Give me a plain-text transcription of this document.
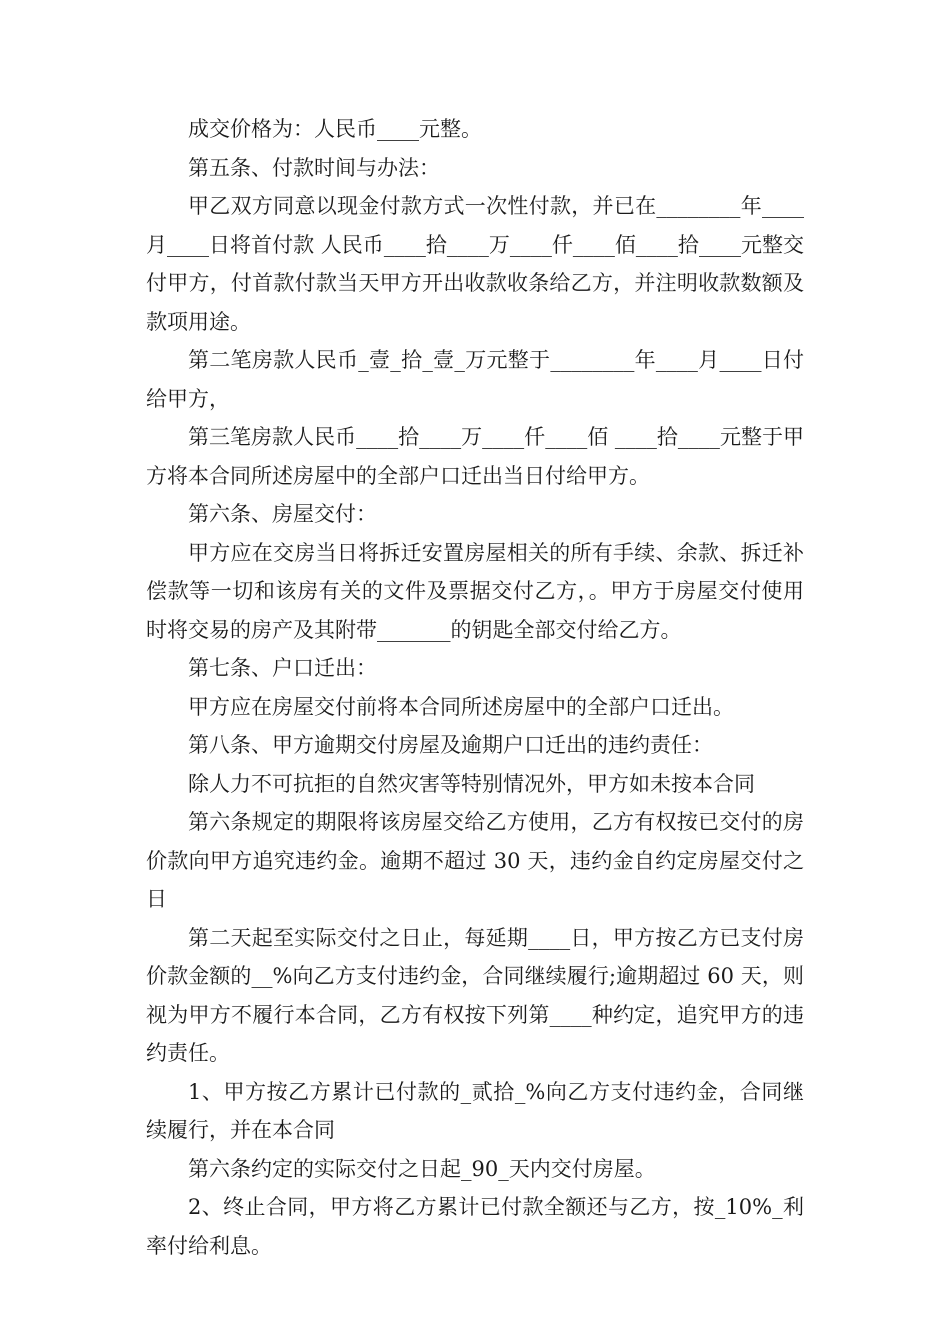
成交价格为：人民币____元整。

第五条、付款时间与办法：

甲乙双方同意以现金付款方式一次性付款，并已在________年____月____日将首付款 人民币____拾____万____仟____佰____拾____元整交付甲方，付首款付款当天甲方开出收款收条给乙方，并注明收款数额及款项用途。

第二笔房款人民币_壹_拾_壹_万元整于________年____月____日付给甲方，

第三笔房款人民币____拾____万____仟____佰 ____拾____元整于甲方将本合同所述房屋中的全部户口迁出当日付给甲方。

第六条、房屋交付：

甲方应在交房当日将拆迁安置房屋相关的所有手续、余款、拆迁补偿款等一切和该房有关的文件及票据交付乙方，。甲方于房屋交付使用时将交易的房产及其附带_______的钥匙全部交付给乙方。

第七条、户口迁出：

甲方应在房屋交付前将本合同所述房屋中的全部户口迁出。

第八条、甲方逾期交付房屋及逾期户口迁出的违约责任：

除人力不可抗拒的自然灾害等特别情况外，甲方如未按本合同

第六条规定的期限将该房屋交给乙方使用，乙方有权按已交付的房价款向甲方追究违约金。逾期不超过 30 天，违约金自约定房屋交付之日

第二天起至实际交付之日止，每延期____日，甲方按乙方已支付房价款金额的__%向乙方支付违约金，合同继续履行;逾期超过 60 天，则视为甲方不履行本合同，乙方有权按下列第____种约定，追究甲方的违约责任。

1、甲方按乙方累计已付款的_贰拾_%向乙方支付违约金，合同继续履行，并在本合同

第六条约定的实际交付之日起_90_天内交付房屋。

2、终止合同，甲方将乙方累计已付款全额还与乙方，按_10%_利率付给利息。
